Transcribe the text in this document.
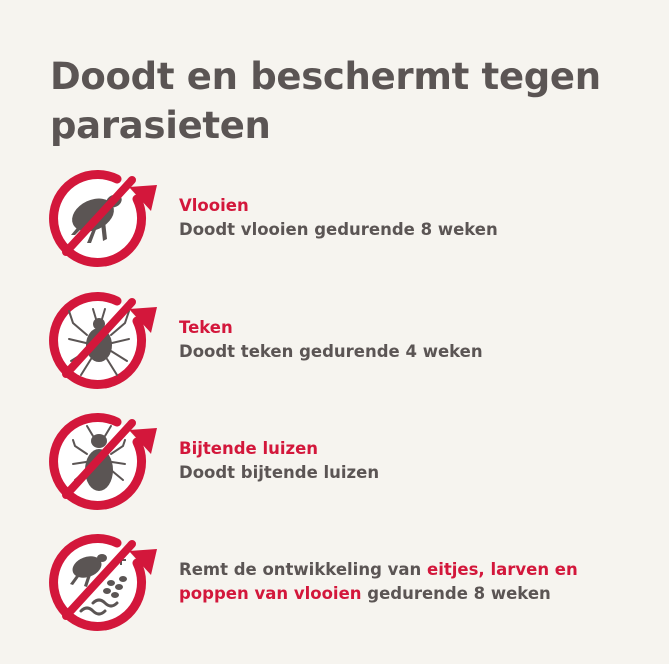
Doodt en beschermt tegen parasieten
Vlooien
Doodt vlooien gedurende 8 weken
Teken
Doodt teken gedurende 4 weken
Bijtende luizen
Doodt bijtende luizen
Remt de ontwikkeling van eitjes, larven en
poppen van vlooien gedurende 8 weken
